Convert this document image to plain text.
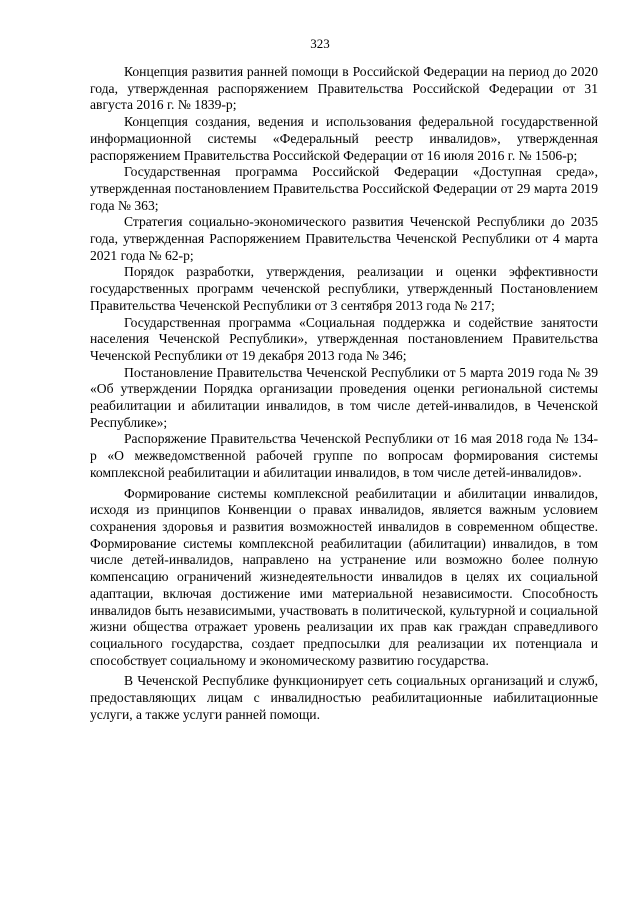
323

Концепция развития ранней помощи в Российской Федерации на период до 2020 года, утвержденная распоряжением Правительства Российской Федерации от 31 августа 2016 г. № 1839-р;

Концепция создания, ведения и использования федеральной государственной информационной системы «Федеральный реестр инвалидов», утвержденная распоряжением Правительства Российской Федерации от 16 июля 2016 г. № 1506-р;

Государственная программа Российской Федерации «Доступная среда», утвержденная постановлением Правительства Российской Федерации от 29 марта 2019 года № 363;

Стратегия социально-экономического развития Чеченской Республики до 2035 года, утвержденная Распоряжением Правительства Чеченской Республики от 4 марта 2021 года № 62-р;

Порядок разработки, утверждения, реализации и оценки эффективности государственных программ чеченской республики, утвержденный Постановлением Правительства Чеченской Республики от 3 сентября 2013 года № 217;

Государственная программа «Социальная поддержка и содействие занятости населения Чеченской Республики», утвержденная постановлением Правительства Чеченской Республики от 19 декабря 2013 года № 346;

Постановление Правительства Чеченской Республики от 5 марта 2019 года № 39 «Об утверждении Порядка организации проведения оценки региональной системы реабилитации и абилитации инвалидов, в том числе детей-инвалидов, в Чеченской Республике»;

Распоряжение Правительства Чеченской Республики от 16 мая 2018 года № 134-р «О межведомственной рабочей группе по вопросам формирования системы комплексной реабилитации и абилитации инвалидов, в том числе детей-инвалидов».

Формирование системы комплексной реабилитации и абилитации инвалидов, исходя из принципов Конвенции о правах инвалидов, является важным условием сохранения здоровья и развития возможностей инвалидов в современном обществе. Формирование системы комплексной реабилитации (абилитации) инвалидов, в том числе детей-инвалидов, направлено на устранение или возможно более полную компенсацию ограничений жизнедеятельности инвалидов в целях их социальной адаптации, включая достижение ими материальной независимости. Способность инвалидов быть независимыми, участвовать в политической, культурной и социальной жизни общества отражает уровень реализации их прав как граждан справедливого социального государства, создает предпосылки для реализации их потенциала и способствует социальному и экономическому развитию государства.

В Чеченской Республике функционирует сеть социальных организаций и служб, предоставляющих лицам с инвалидностью реабилитационные иабилитационные услуги, а также услуги ранней помощи.
